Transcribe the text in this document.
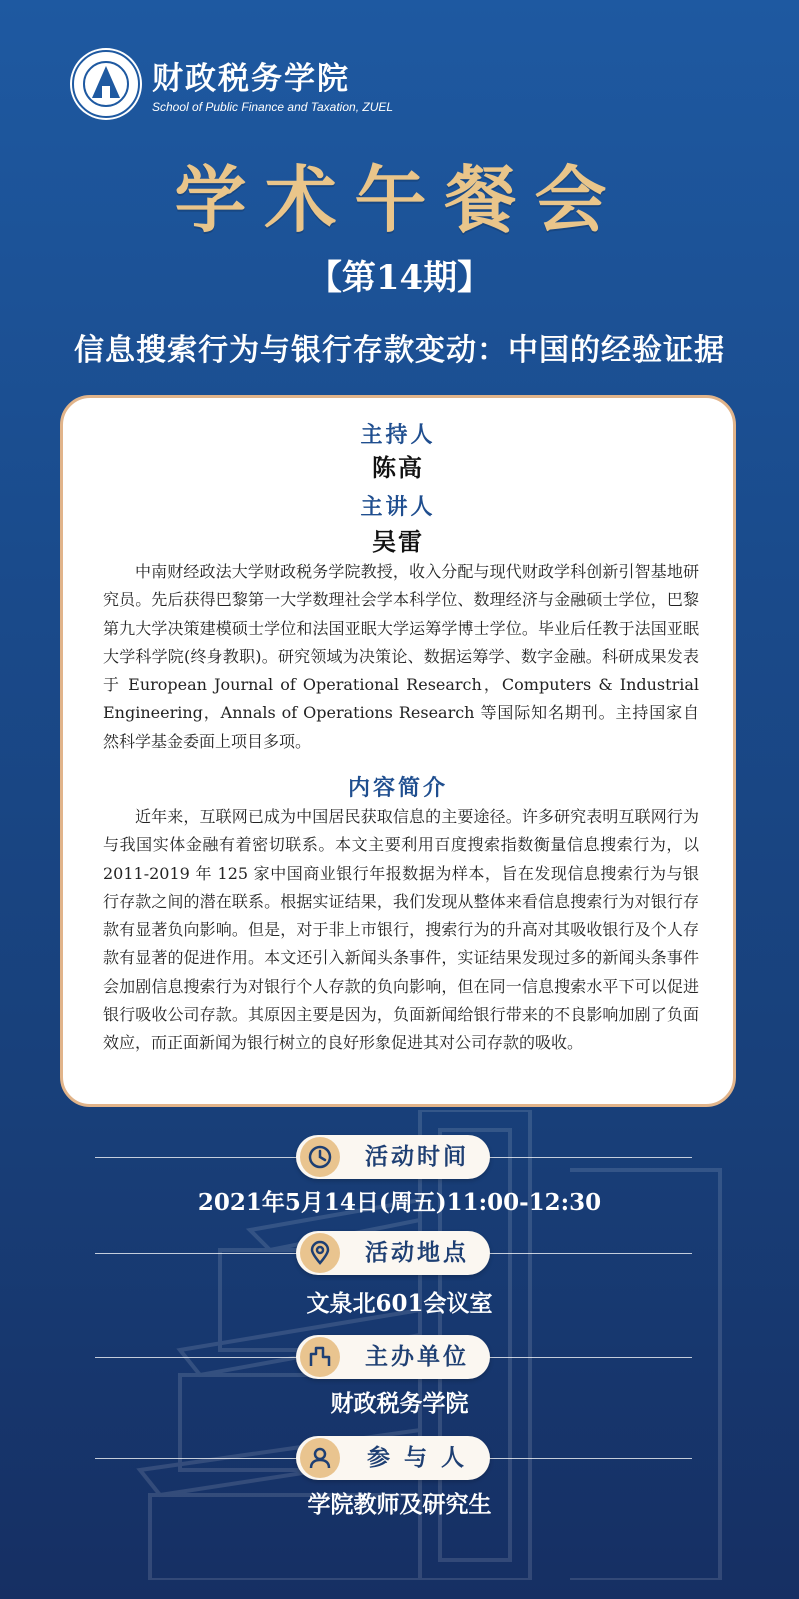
财政税务学院
School of Public Finance and Taxation, ZUEL
学术午餐会
【第14期】
信息搜索行为与银行存款变动：中国的经验证据
主持人
陈高
主讲人
吴雷

中南财经政法大学财政税务学院教授，收入分配与现代财政学科创新引智基地研究员。先后获得巴黎第一大学数理社会学本科学位、数理经济与金融硕士学位，巴黎第九大学决策建模硕士学位和法国亚眠大学运筹学博士学位。毕业后任教于法国亚眠大学科学院(终身教职)。研究领域为决策论、数据运筹学、数字金融。科研成果发表于 European Journal of Operational Research，Computers & Industrial Engineering，Annals of Operations Research 等国际知名期刊。主持国家自然科学基金委面上项目多项。

内容简介

近年来，互联网已成为中国居民获取信息的主要途径。许多研究表明互联网行为与我国实体金融有着密切联系。本文主要利用百度搜索指数衡量信息搜索行为，以 2011-2019 年 125 家中国商业银行年报数据为样本，旨在发现信息搜索行为与银行存款之间的潜在联系。根据实证结果，我们发现从整体来看信息搜索行为对银行存款有显著负向影响。但是，对于非上市银行，搜索行为的升高对其吸收银行及个人存款有显著的促进作用。本文还引入新闻头条事件，实证结果发现过多的新闻头条事件会加剧信息搜索行为对银行个人存款的负向影响，但在同一信息搜索水平下可以促进银行吸收公司存款。其原因主要是因为，负面新闻给银行带来的不良影响加剧了负面效应，而正面新闻为银行树立的良好形象促进其对公司存款的吸收。

活动时间
2021年5月14日(周五)11:00-12:30
活动地点
文泉北601会议室
主办单位
财政税务学院
参 与 人
学院教师及研究生
